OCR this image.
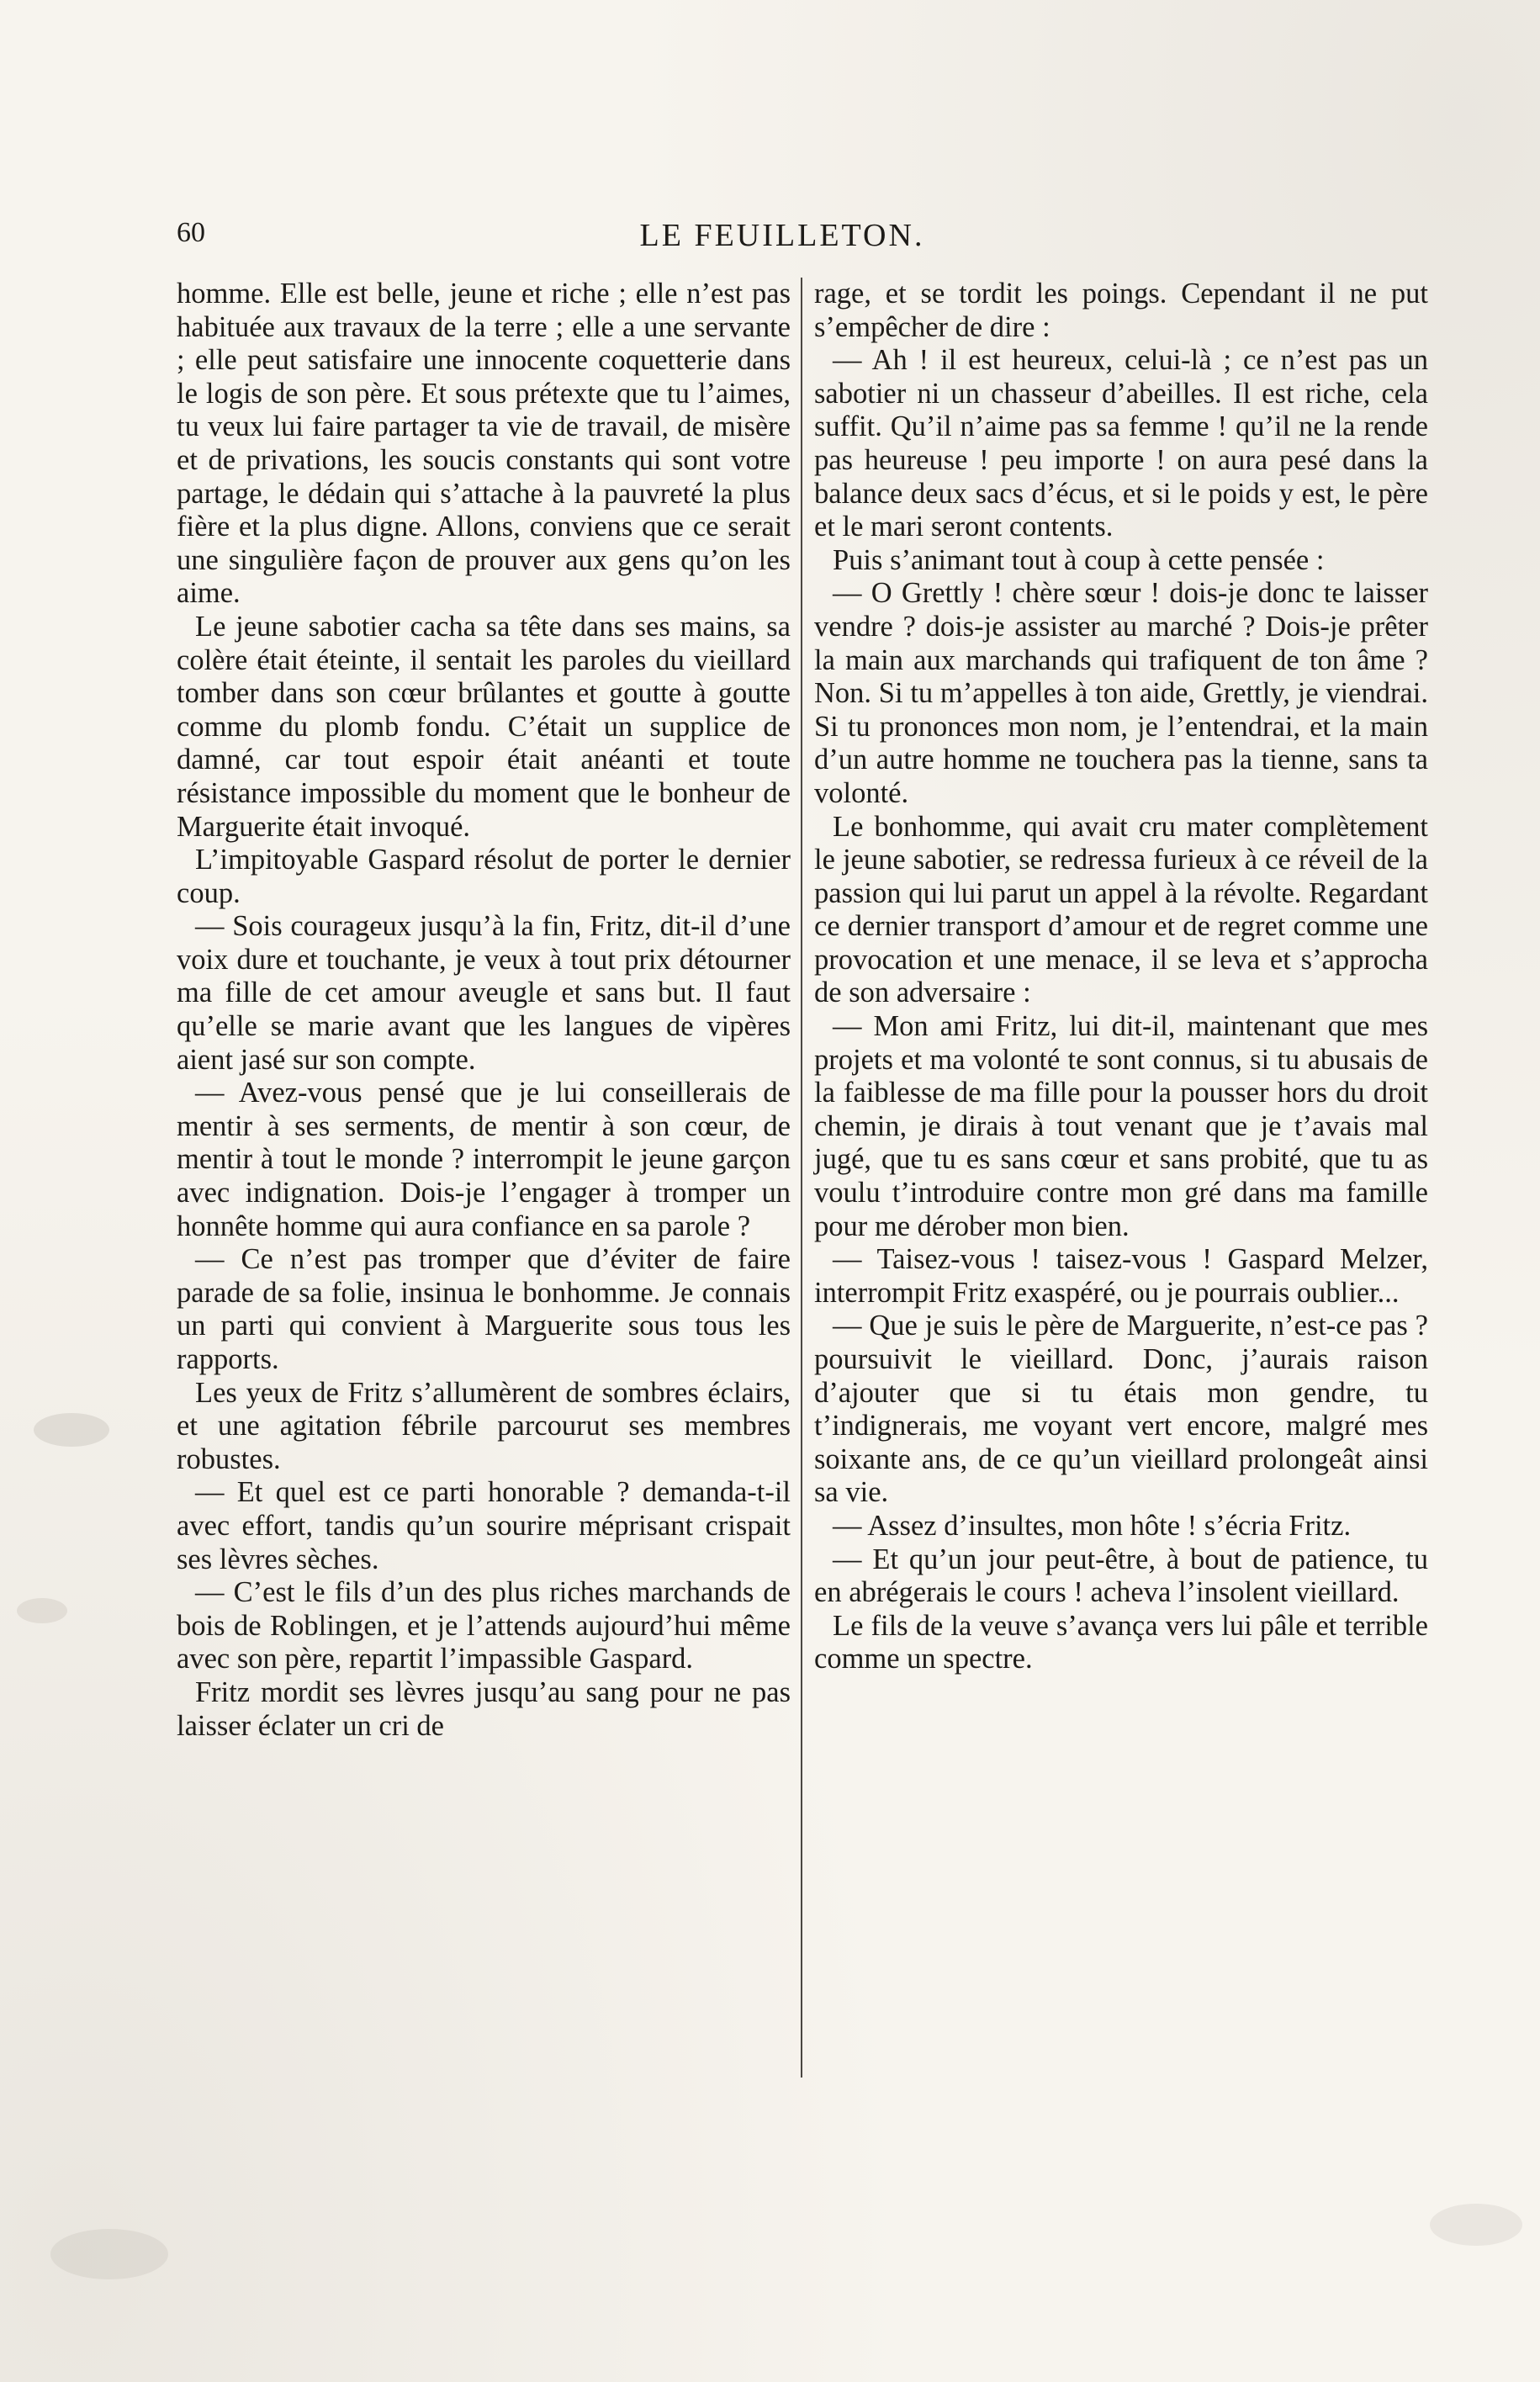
60	LE FEUILLETON.

homme. Elle est belle, jeune et riche ; elle n’est pas habituée aux travaux de la terre ; elle a une servante ; elle peut satisfaire une innocente coquetterie dans le logis de son père. Et sous prétexte que tu l’aimes, tu veux lui faire partager ta vie de travail, de misère et de privations, les soucis constants qui sont votre partage, le dédain qui s’attache à la pauvreté la plus fière et la plus digne. Allons, conviens que ce serait une singulière façon de prouver aux gens qu’on les aime.

Le jeune sabotier cacha sa tête dans ses mains, sa colère était éteinte, il sentait les paroles du vieillard tomber dans son cœur brûlantes et goutte à goutte comme du plomb fondu. C’était un supplice de damné, car tout espoir était anéanti et toute résistance impossible du moment que le bonheur de Marguerite était invoqué.

L’impitoyable Gaspard résolut de porter le dernier coup.

— Sois courageux jusqu’à la fin, Fritz, dit-il d’une voix dure et touchante, je veux à tout prix détourner ma fille de cet amour aveugle et sans but. Il faut qu’elle se marie avant que les langues de vipères aient jasé sur son compte.

— Avez-vous pensé que je lui conseillerais de mentir à ses serments, de mentir à son cœur, de mentir à tout le monde ? interrompit le jeune garçon avec indignation. Dois-je l’engager à tromper un honnête homme qui aura confiance en sa parole ?

— Ce n’est pas tromper que d’éviter de faire parade de sa folie, insinua le bonhomme. Je connais un parti qui convient à Marguerite sous tous les rapports.

Les yeux de Fritz s’allumèrent de sombres éclairs, et une agitation fébrile parcourut ses membres robustes.

— Et quel est ce parti honorable ? demanda-t-il avec effort, tandis qu’un sourire méprisant crispait ses lèvres sèches.

— C’est le fils d’un des plus riches marchands de bois de Roblingen, et je l’attends aujourd’hui même avec son père, repartit l’impassible Gaspard.

Fritz mordit ses lèvres jusqu’au sang pour ne pas laisser éclater un cri de

rage, et se tordit les poings. Cependant il ne put s’empêcher de dire :

— Ah ! il est heureux, celui-là ; ce n’est pas un sabotier ni un chasseur d’abeilles. Il est riche, cela suffit. Qu’il n’aime pas sa femme ! qu’il ne la rende pas heureuse ! peu importe ! on aura pesé dans la balance deux sacs d’écus, et si le poids y est, le père et le mari seront contents.

Puis s’animant tout à coup à cette pensée :

— O Grettly ! chère sœur ! dois-je donc te laisser vendre ? dois-je assister au marché ? Dois-je prêter la main aux marchands qui trafiquent de ton âme ? Non. Si tu m’appelles à ton aide, Grettly, je viendrai. Si tu prononces mon nom, je l’entendrai, et la main d’un autre homme ne touchera pas la tienne, sans ta volonté.

Le bonhomme, qui avait cru mater complètement le jeune sabotier, se redressa furieux à ce réveil de la passion qui lui parut un appel à la révolte. Regardant ce dernier transport d’amour et de regret comme une provocation et une menace, il se leva et s’approcha de son adversaire :

— Mon ami Fritz, lui dit-il, maintenant que mes projets et ma volonté te sont connus, si tu abusais de la faiblesse de ma fille pour la pousser hors du droit chemin, je dirais à tout venant que je t’avais mal jugé, que tu es sans cœur et sans probité, que tu as voulu t’introduire contre mon gré dans ma famille pour me dérober mon bien.

— Taisez-vous ! taisez-vous ! Gaspard Melzer, interrompit Fritz exaspéré, ou je pourrais oublier...

— Que je suis le père de Marguerite, n’est-ce pas ? poursuivit le vieillard. Donc, j’aurais raison d’ajouter que si tu étais mon gendre, tu t’indignerais, me voyant vert encore, malgré mes soixante ans, de ce qu’un vieillard prolongeât ainsi sa vie.

— Assez d’insultes, mon hôte ! s’écria Fritz.

— Et qu’un jour peut-être, à bout de patience, tu en abrégerais le cours ! acheva l’insolent vieillard.

Le fils de la veuve s’avança vers lui pâle et terrible comme un spectre.
